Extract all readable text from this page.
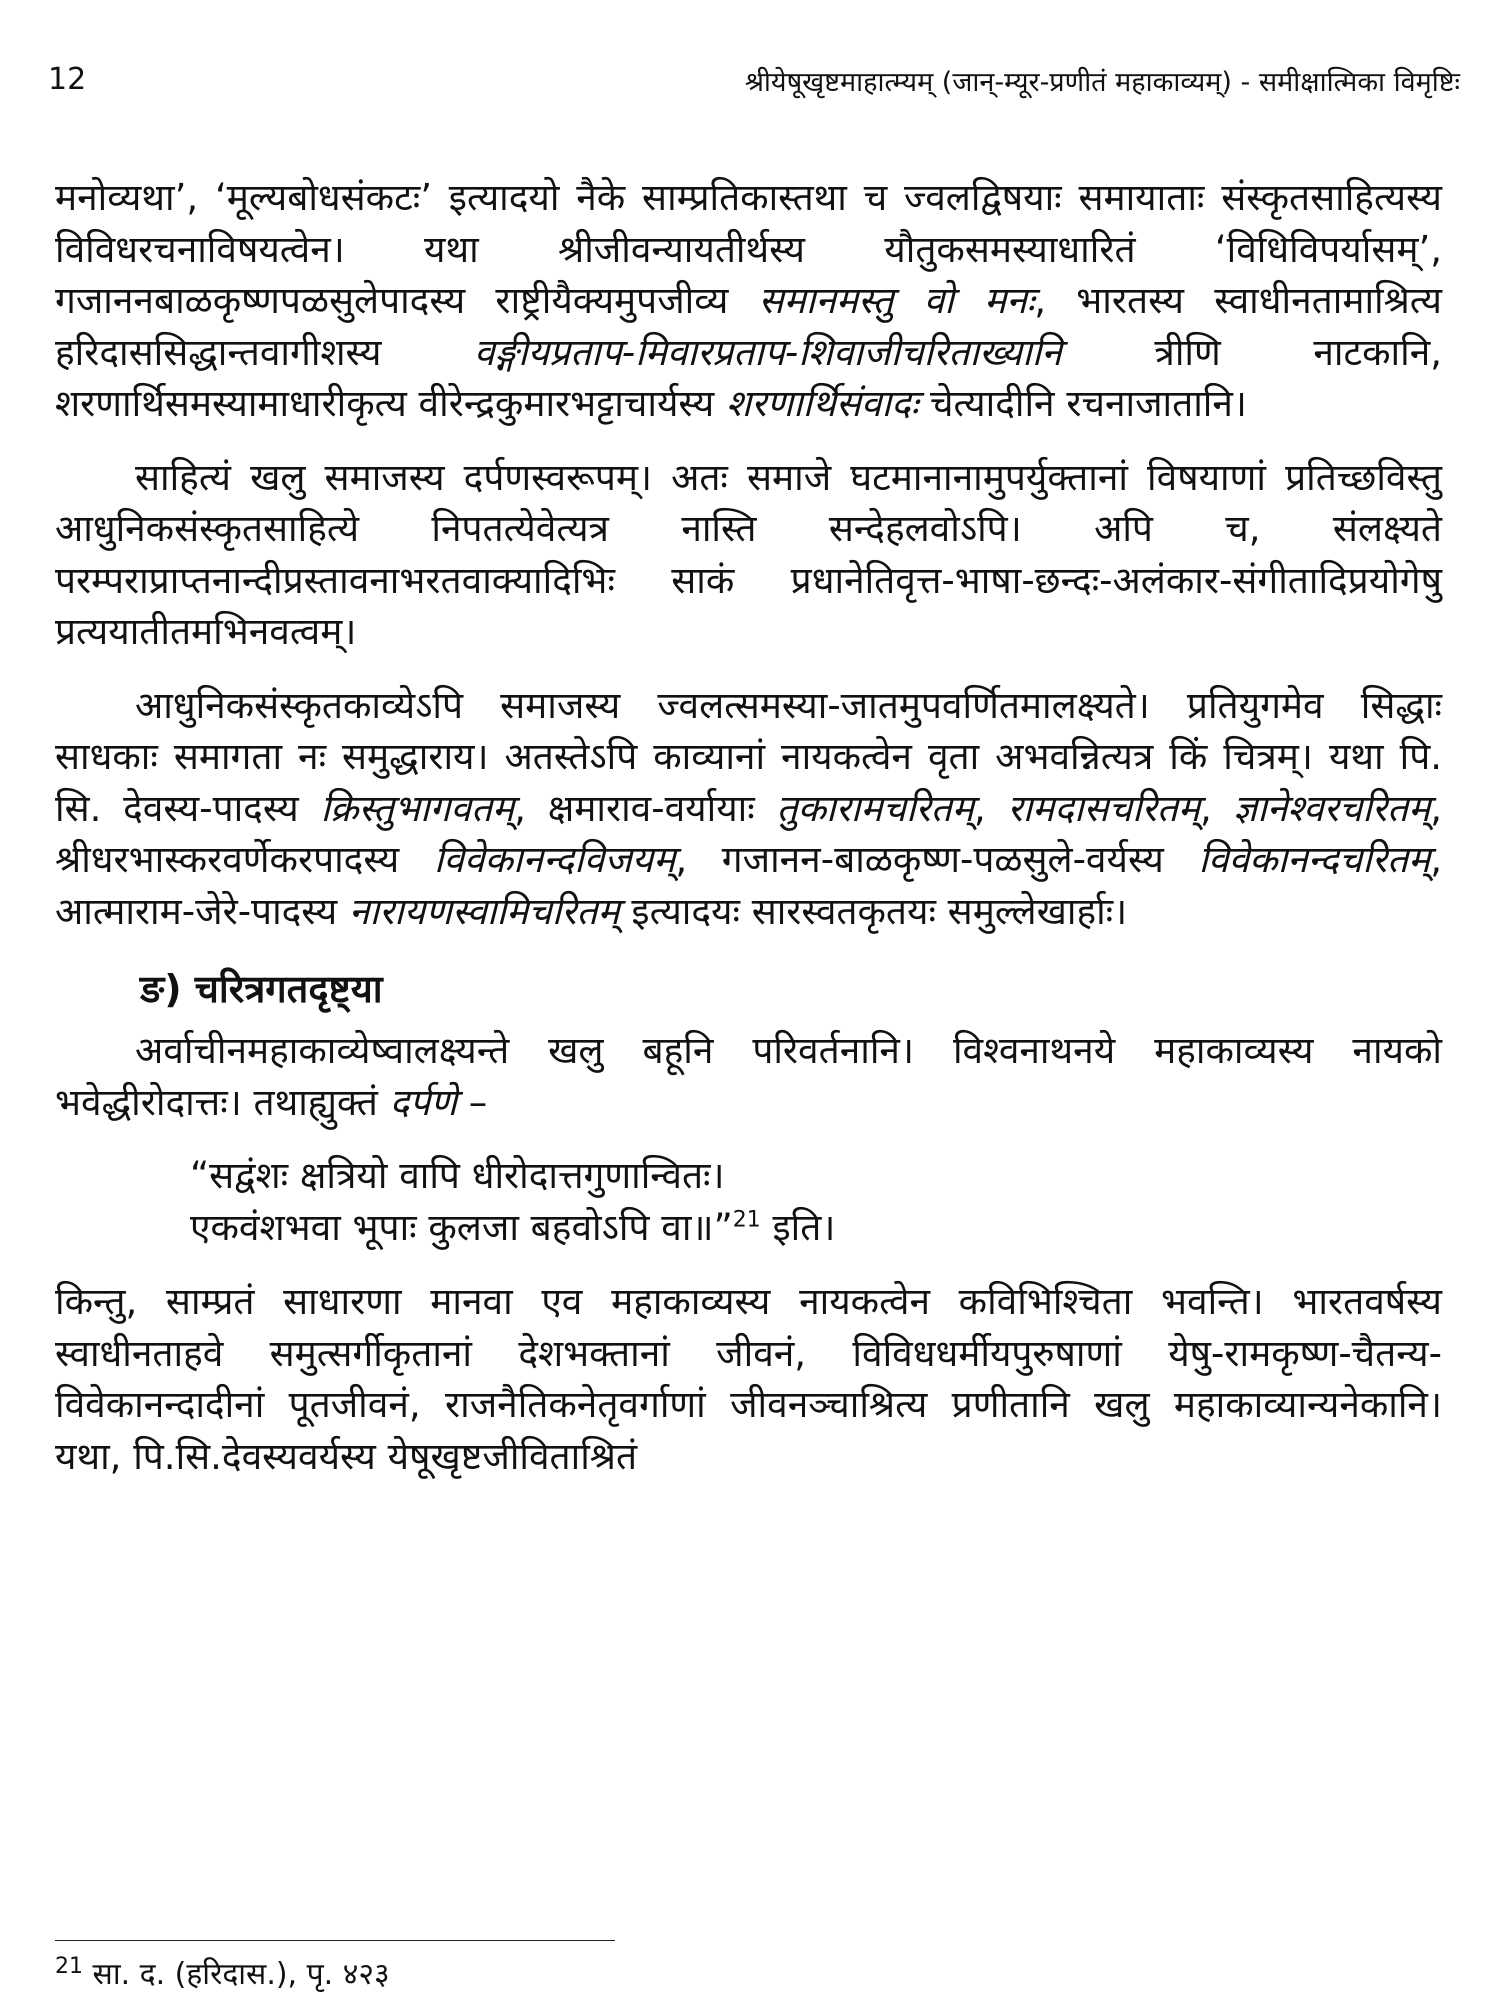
12	श्रीयेषूखृष्टमाहात्म्यम् (जान्-म्यूर-प्रणीतं महाकाव्यम्) - समीक्षात्मिका विमृष्टिः

मनोव्यथा’, ‘मूल्यबोधसंकटः’ इत्यादयो नैके साम्प्रतिकास्तथा च ज्वलद्विषयाः समायाताः संस्कृतसाहित्यस्य विविधरचनाविषयत्वेन। यथा श्रीजीवन्यायतीर्थस्य यौतुकसमस्याधारितं ‘विधिविपर्यासम्’, गजाननबाळकृष्णपळसुलेपादस्य राष्ट्रीयैक्यमुपजीव्य समानमस्तु वो मनः, भारतस्य स्वाधीनतामाश्रित्य हरिदाससिद्धान्तवागीशस्य वङ्गीयप्रताप-मिवारप्रताप-शिवाजीचरिताख्यानि त्रीणि नाटकानि, शरणार्थिसमस्यामाधारीकृत्य वीरेन्द्रकुमारभट्टाचार्यस्य शरणार्थिसंवादः चेत्यादीनि रचनाजातानि।

साहित्यं खलु समाजस्य दर्पणस्वरूपम्। अतः समाजे घटमानानामुपर्युक्तानां विषयाणां प्रतिच्छविस्तु आधुनिकसंस्कृतसाहित्ये निपतत्येवेत्यत्र नास्ति सन्देहलवोऽपि। अपि च, संलक्ष्यते परम्पराप्राप्तनान्दीप्रस्तावनाभरतवाक्यादिभिः साकं प्रधानेतिवृत्त-भाषा-छन्दः-अलंकार-संगीतादिप्रयोगेषु प्रत्ययातीतमभिनवत्वम्।

आधुनिकसंस्कृतकाव्येऽपि समाजस्य ज्वलत्समस्या-जातमुपवर्णितमालक्ष्यते। प्रतियुगमेव सिद्धाः साधकाः समागता नः समुद्धाराय। अतस्तेऽपि काव्यानां नायकत्वेन वृता अभवन्नित्यत्र किं चित्रम्। यथा पि. सि. देवस्य-पादस्य क्रिस्तुभागवतम्, क्षमाराव-वर्यायाः तुकारामचरितम्, रामदासचरितम्, ज्ञानेश्वरचरितम्, श्रीधरभास्करवर्णेकरपादस्य विवेकानन्दविजयम्, गजानन-बाळकृष्ण-पळसुले-वर्यस्य विवेकानन्दचरितम्, आत्माराम-जेरे-पादस्य नारायणस्वामिचरितम् इत्यादयः सारस्वतकृतयः समुल्लेखार्हाः।

ङ) चरित्रगतदृष्ट्या

अर्वाचीनमहाकाव्येष्वालक्ष्यन्ते खलु बहूनि परिवर्तनानि। विश्वनाथनये महाकाव्यस्य नायको भवेद्धीरोदात्तः। तथाह्युक्तं दर्पणे –

“सद्वंशः क्षत्रियो वापि धीरोदात्तगुणान्वितः।
एकवंशभवा भूपाः कुलजा बहवोऽपि वा॥”$^{21}$ इति।

किन्तु, साम्प्रतं साधारणा मानवा एव महाकाव्यस्य नायकत्वेन कविभिश्चिता भवन्ति। भारतवर्षस्य स्वाधीनताहवे समुत्सर्गीकृतानां देशभक्तानां जीवनं, विविधधर्मीयपुरुषाणां येषु-रामकृष्ण-चैतन्य-विवेकानन्दादीनां पूतजीवनं, राजनैतिकनेतृवर्गाणां जीवनञ्चाश्रित्य प्रणीतानि खलु महाकाव्यान्यनेकानि। यथा, पि.सि.देवस्यवर्यस्य येषूखृष्टजीविताश्रितं

$^{21}$ सा. द. (हरिदास.), पृ. ४२३
